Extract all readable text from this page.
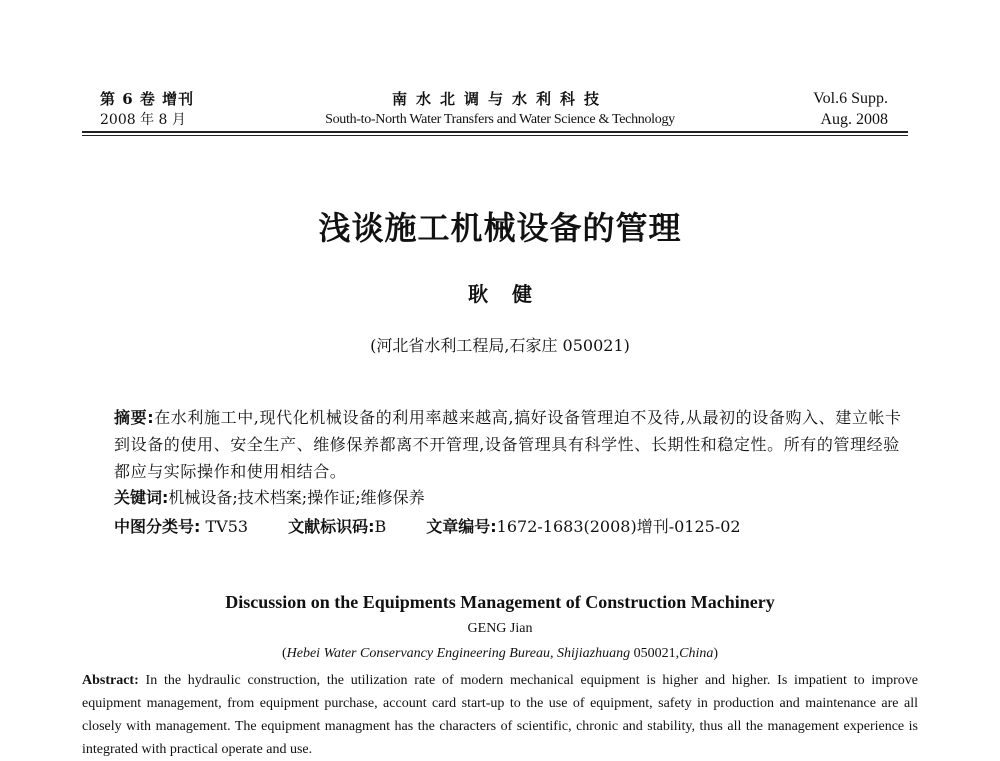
第 6 卷 增刊
2008 年 8 月
南水北调与水利科技
South-to-North Water Transfers and Water Science & Technology
Vol.6 Supp.
Aug. 2008
浅谈施工机械设备的管理
耿健
(河北省水利工程局,石家庄 050021)
摘要:在水利施工中,现代化机械设备的利用率越来越高,搞好设备管理迫不及待,从最初的设备购入、建立帐卡到设备的使用、安全生产、维修保养都离不开管理,设备管理具有科学性、长期性和稳定性。所有的管理经验都应与实际操作和使用相结合。
关键词:机械设备;技术档案;操作证;维修保养
中图分类号: TV53	文献标识码:B	文章编号:1672-1683(2008)增刊-0125-02
Discussion on the Equipments Management of Construction Machinery
GENG Jian
(Hebei Water Conservancy Engineering Bureau, Shijiazhuang 050021,China)
Abstract: In the hydraulic construction, the utilization rate of modern mechanical equipment is higher and higher. Is impatient to improve equipment management, from equipment purchase, account card start-up to the use of equipment, safety in production and maintenance are all closely with management. The equipment managment has the characters of scientific, chronic and stability, thus all the management experience is integrated with practical operate and use.
